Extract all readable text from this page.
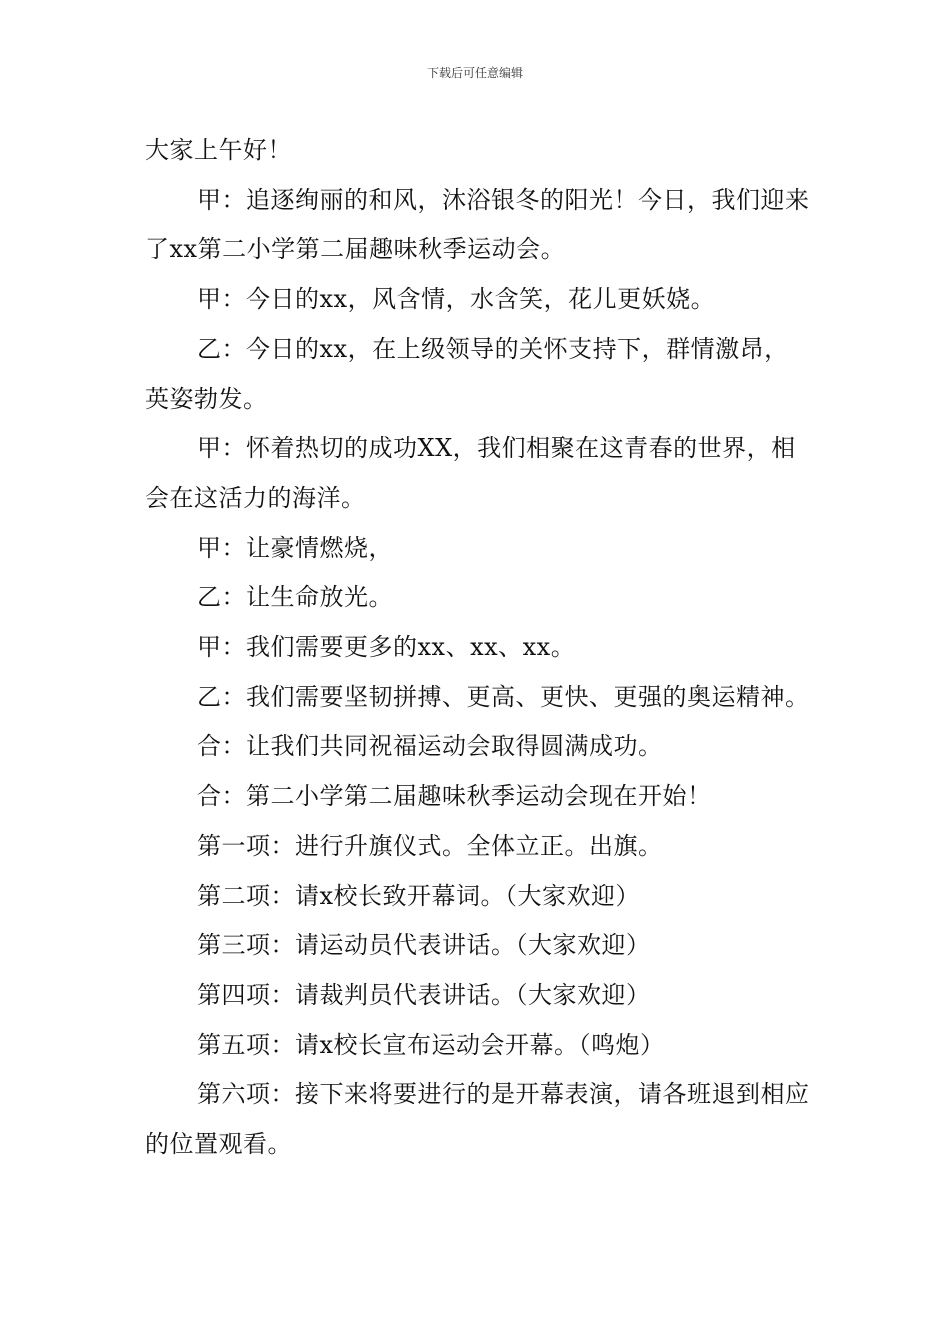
下载后可任意编辑

大家上午好！

甲：追逐绚丽的和风，沐浴银冬的阳光！今日，我们迎来了xx第二小学第二届趣味秋季运动会。

甲：今日的xx，风含情，水含笑，花儿更妖娆。

乙：今日的xx，在上级领导的关怀支持下，群情激昂，英姿勃发。

甲：怀着热切的成功XX，我们相聚在这青春的世界，相会在这活力的海洋。

甲：让豪情燃烧，

乙：让生命放光。

甲：我们需要更多的xx、xx、xx。

乙：我们需要坚韧拼搏、更高、更快、更强的奥运精神。

合：让我们共同祝福运动会取得圆满成功。

合：第二小学第二届趣味秋季运动会现在开始！

第一项：进行升旗仪式。全体立正。出旗。

第二项：请x校长致开幕词。（大家欢迎）

第三项：请运动员代表讲话。（大家欢迎）

第四项：请裁判员代表讲话。（大家欢迎）

第五项：请x校长宣布运动会开幕。（鸣炮）

第六项：接下来将要进行的是开幕表演，请各班退到相应的位置观看。
